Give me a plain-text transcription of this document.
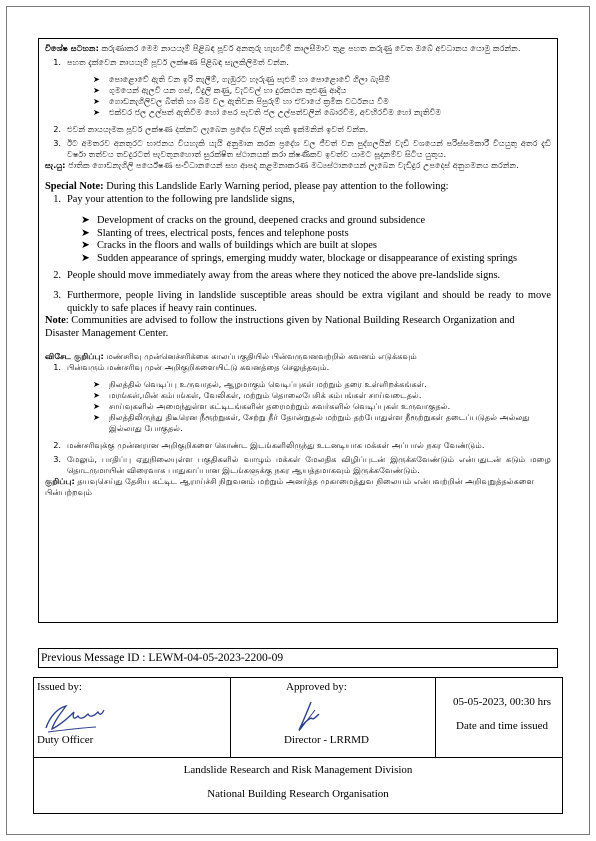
විශේෂ සටහන: කරුණාකර මෙම නායයෑම් පිළිබඳ පූර්ව අනතුරු හැඟවීම් කාලසීමාව තුළ පහත කරුණු වෙත ඔබේ අවධානය යොමු කරන්න.
1. පහත දැක්වෙන නායයෑම් පූර්ව ලක්ෂණ පිළිබඳ සැලකිලිමත් වන්න.
➤	පොළොවේ ඇති වන ඉරි තැලීම්, ගැඹුරට හෑරුණු පැළුම් හා පොළොවේ ගිලා බැසීම්
➤	ගුමයෙන් ඇලවී යන ගස්, විදුලි කණු, වැටවල් හා දුරකථන කුළුණු ආදිය
➤	ගොඩනැගිලිවල බිත්ති හා බිම වල ඇතිවන පිපුරුම් හා ඒවායේ ක්‍රමික වර්ධනය වීම
➤	එක්වර ජල උල්පත් ඇතිවීම හෝ පෙර පැවති ජල උල්පත්වලින් බොරවීම, අවහිරවීම හෝ නැතිවීම
2. එවන් නායයෑමක පූර්ව ලක්ෂණ දක්නට ලැබෙන ප්‍රදේශ වලින් හැකි ඉක්මනින් ඉවත් වන්න.
3. ඊට අමතරව අනතුරට භාජනය වියහැකි යැයි අනුමාන කරන ප්‍රදේශ වල ජීවත් වන පුද්ගලයින් වැඩි වශයෙන් පරිස්සමකාරී වියයුතු අතර දැඩි වර්ෂා තත්වය තවදුරටත් පැවතුනහොත් සුරක්ෂිත ස්ථානයක් කරා ක්ෂණිකව ඉවත්ව යාමට සූදානම්ව සිටිය යුතුය.
සැ.යු: ජාතික ගොඩනැගිලි පර්යේෂණ සංවිධානයෙන් සහ ආපදා කළමනාකරණ මධ්‍යස්ථානයෙන් ලැබෙන වැඩිදුර උපදෙස් අනුගමනය කරන්න.
Special Note: During this Landslide Early Warning period, please pay attention to the following:
1. Pay your attention to the following pre landslide signs,
➤ Development of cracks on the ground, deepened cracks and ground subsidence
➤ Slanting of trees, electrical posts, fences and telephone posts
➤ Cracks in the floors and walls of buildings which are built at slopes
➤ Sudden appearance of springs, emerging muddy water, blockage or disappearance of existing springs
2. People should move immediately away from the areas where they noticed the above pre-landslide signs.
3. Furthermore, people living in landslide susceptible areas should be extra vigilant and should be ready to move quickly to safe places if heavy rain continues.
Note: Communities are advised to follow the instructions given by National Building Research Organization and Disaster Management Center.
விசேட குறிப்பு: மண்சரிவு முன்னெச்சரிக்கை காலப்பகுதியில் பின்வருவனவற்றில் கவனம் எடுக்கவும்
1. பின்வரும் மண்சரிவு முன் அறிகுறிகளையிட்டு கவனத்தை செலுத்தவும்.
➤	நிலத்தில் வெடிப்பு உருவாதல், ஆழமாகும் வெடிப்புகள் மற்றும் தரை உள்ளிறக்கங்கள்.
➤	மரங்கள்,மின் கம்பங்கள், வேலிகள், மற்றும் தொலைபேசிக் கம்பங்கள் சாய்வடைதல்.
➤	சாய்வுகளில் அமைந்துள்ள கட்டிடங்களின் தரைமற்றும் சுவர்களில் வெடிப்புகள் உருவாகுதல்.
➤	நிலத்திலிருந்து திடீரென நீரூற்றுகள், சேற்று நீர் தோன்றுதல் மற்றும் தற்போதுள்ள நீரூற்றுகள் தடைப்படுதல் அல்லது இல்லாது போகுதல்.
2. மண்சரிவுக்கு முன்னரான அறிகுறிகளை கொண்ட இடங்களிலிருந்து உடனடியாக மக்கள் அப்பால் நகர வேண்டும்.
3. மேலும், பாதிப்பு ஏதுநிலையுள்ள பகுதிகளில் வாழும் மக்கள் மேலதிக விழிப்புடன் இருக்கவேண்டும் என்பதுடன் கடும் மழை தொடருமாயின் விரைவாக பாதுகாப்பான இடங்களுக்கு நகர ஆயத்தமாகவும் இருக்கவேண்டும்.
குறிப்பு: தயவுசெய்து தேசிய கட்டிட ஆராய்ச்சி நிறுவனம் மற்றும் அனர்த்த முகாமைத்துவ நிலையம் என்பவற்றின் அறிவுறுத்தல்களை பின்பற்றவும்
Previous Message ID : LEWM-04-05-2023-2200-09
Issued by:
Duty Officer
Approved by:
Director - LRRMD
05-05-2023, 00:30 hrs
Date and time issued
Landslide Research and Risk Management Division
National Building Research Organisation
